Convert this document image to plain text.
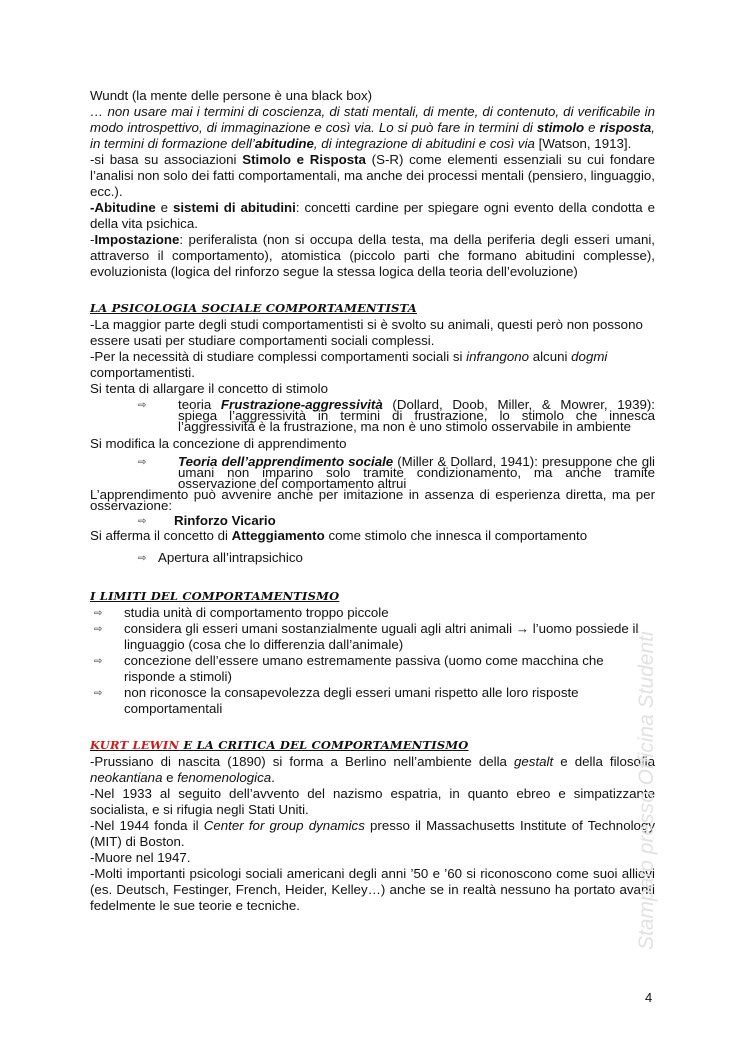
Wundt (la mente delle persone è una black box)

… non usare mai i termini di coscienza, di stati mentali, di mente, di contenuto, di verificabile in modo introspettivo, di immaginazione e così via. Lo si può fare in termini di stimolo e risposta, in termini di formazione dell’abitudine, di integrazione di abitudini e così via [Watson, 1913].

-si basa su associazioni Stimolo e Risposta (S-R) come elementi essenziali su cui fondare l’analisi non solo dei fatti comportamentali, ma anche dei processi mentali (pensiero, linguaggio, ecc.).

-Abitudine e sistemi di abitudini: concetti cardine per spiegare ogni evento della condotta e della vita psichica.

-Impostazione: periferalista (non si occupa della testa, ma della periferia degli esseri umani, attraverso il comportamento), atomistica (piccolo parti che formano abitudini complesse), evoluzionista (logica del rinforzo segue la stessa logica della teoria dell’evoluzione)

LA PSICOLOGIA SOCIALE COMPORTAMENTISTA

-La maggior parte degli studi comportamentisti si è svolto su animali, questi però non possono essere usati per studiare comportamenti sociali complessi.

-Per la necessità di studiare complessi comportamenti sociali si infrangono alcuni dogmi comportamentisti.

Si tenta di allargare il concetto di stimolo

⇨ teoria Frustrazione-aggressività (Dollard, Doob, Miller, & Mowrer, 1939): spiega l’aggressività in termini di frustrazione, lo stimolo che innesca l’aggressività è la frustrazione, ma non è uno stimolo osservabile in ambiente

Si modifica la concezione di apprendimento

⇨ Teoria dell’apprendimento sociale (Miller & Dollard, 1941): presuppone che gli umani non imparino solo tramite condizionamento, ma anche tramite osservazione del comportamento altrui

L’apprendimento può avvenire anche per imitazione in assenza di esperienza diretta, ma per osservazione:

⇨ Rinforzo Vicario

Si afferma il concetto di Atteggiamento come stimolo che innesca il comportamento

⇨ Apertura all’intrapsichico

I LIMITI DEL COMPORTAMENTISMO

⇨ studia unità di comportamento troppo piccole

⇨ considera gli esseri umani sostanzialmente uguali agli altri animali → l’uomo possiede il linguaggio (cosa che lo differenzia dall’animale)

⇨ concezione dell’essere umano estremamente passiva (uomo come macchina che risponde a stimoli)

⇨ non riconosce la consapevolezza degli esseri umani rispetto alle loro risposte comportamentali

KURT LEWIN E LA CRITICA DEL COMPORTAMENTISMO

-Prussiano di nascita (1890) si forma a Berlino nell’ambiente della gestalt e della filosofia neokantiana e fenomenologica.

-Nel 1933 al seguito dell’avvento del nazismo espatria, in quanto ebreo e simpatizzante socialista, e si rifugia negli Stati Uniti.

-Nel 1944 fonda il Center for group dynamics presso il Massachusetts Institute of Technology (MIT) di Boston.

-Muore nel 1947.

-Molti importanti psicologi sociali americani degli anni ’50 e ’60 si riconoscono come suoi allievi (es. Deutsch, Festinger, French, Heider, Kelley…) anche se in realtà nessuno ha portato avanti fedelmente le sue teorie e tecniche.	Stampato presso Officina Studenti
4
